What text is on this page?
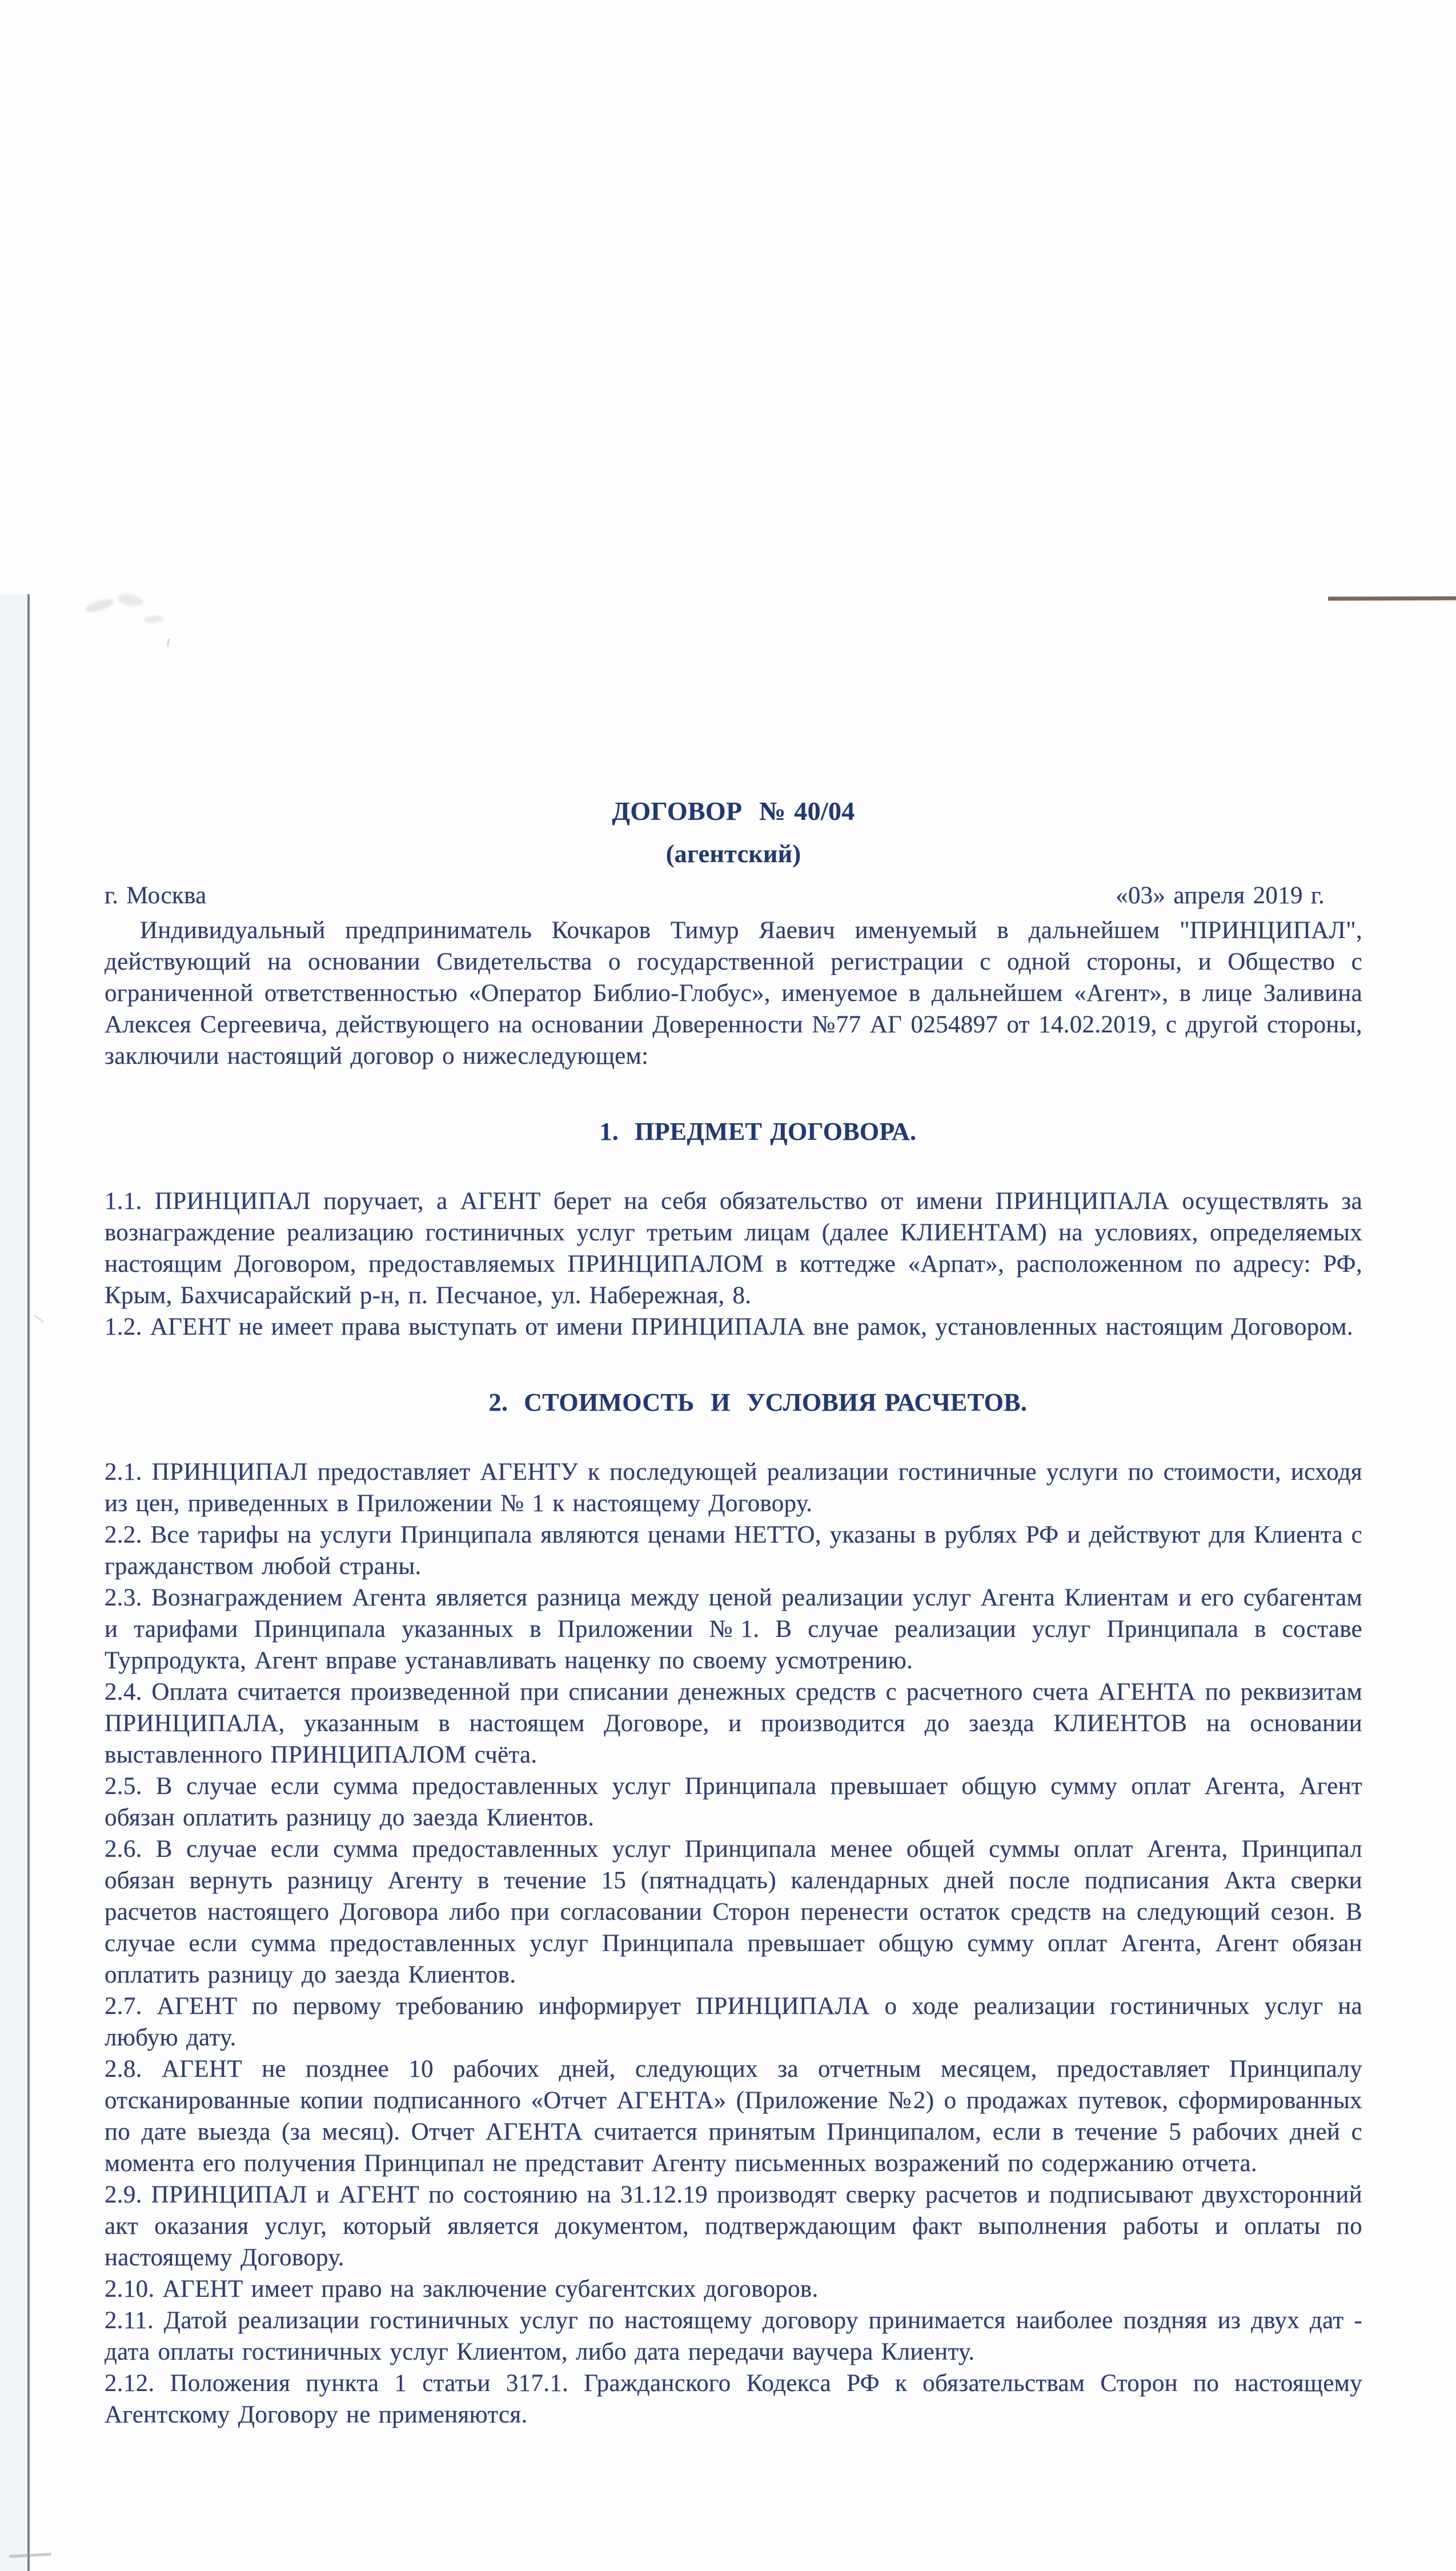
ДОГОВОР  № 40/04
(агентский)
г. Москва	«03» апреля 2019 г.

Индивидуальный предприниматель Кочкаров Тимур Яаевич именуемый в дальнейшем "ПРИНЦИПАЛ", действующий на основании Свидетельства о государственной регистрации с одной стороны, и Общество с ограниченной ответственностью «Оператор Библио-Глобус», именуемое в дальнейшем «Агент», в лице Заливина Алексея Сергеевича, действующего на основании Доверенности №77 АГ 0254897 от 14.02.2019, с другой стороны, заключили настоящий договор о нижеследующем:

1. ПРЕДМЕТ ДОГОВОРА.

1.1. ПРИНЦИПАЛ поручает, а АГЕНТ берет на себя обязательство от имени ПРИНЦИПАЛА осуществлять за вознаграждение реализацию гостиничных услуг третьим лицам (далее КЛИЕНТАМ) на условиях, определяемых настоящим Договором, предоставляемых ПРИНЦИПАЛОМ в коттедже «Арпат», расположенном по адресу: РФ, Крым, Бахчисарайский р-н, п. Песчаное, ул. Набережная, 8.

1.2. АГЕНТ не имеет права выступать от имени ПРИНЦИПАЛА вне рамок, установленных настоящим Договором.

2. СТОИМОСТЬ  И  УСЛОВИЯ РАСЧЕТОВ.

2.1. ПРИНЦИПАЛ предоставляет АГЕНТУ к последующей реализации гостиничные услуги по стоимости, исходя из цен, приведенных в Приложении № 1 к настоящему Договору.

2.2. Все тарифы на услуги Принципала являются ценами НЕТТО, указаны в рублях РФ и действуют для Клиента с гражданством любой страны.

2.3. Вознаграждением Агента является разница между ценой реализации услуг Агента Клиентам и его субагентам и тарифами Принципала указанных в Приложении №1. В случае реализации услуг Принципала в составе Турпродукта, Агент вправе устанавливать наценку по своему усмотрению.

2.4. Оплата считается произведенной при списании денежных средств с расчетного счета АГЕНТА по реквизитам ПРИНЦИПАЛА, указанным в настоящем Договоре, и производится до заезда КЛИЕНТОВ на основании выставленного ПРИНЦИПАЛОМ счёта.

2.5. В случае если сумма предоставленных услуг Принципала превышает общую сумму оплат Агента, Агент обязан оплатить разницу до заезда Клиентов.

2.6. В случае если сумма предоставленных услуг Принципала менее общей суммы оплат Агента, Принципал обязан вернуть разницу Агенту в течение 15 (пятнадцать) календарных дней после подписания Акта сверки расчетов настоящего Договора либо при согласовании Сторон перенести остаток средств на следующий сезон. В случае если сумма предоставленных услуг Принципала превышает общую сумму оплат Агента, Агент обязан оплатить разницу до заезда Клиентов.

2.7. АГЕНТ по первому требованию информирует ПРИНЦИПАЛА о ходе реализации гостиничных услуг на любую дату.

2.8. АГЕНТ не позднее 10 рабочих дней, следующих за отчетным месяцем, предоставляет Принципалу отсканированные копии подписанного «Отчет АГЕНТА» (Приложение №2) о продажах путевок, сформированных по дате выезда (за месяц). Отчет АГЕНТА считается принятым Принципалом, если в течение 5 рабочих дней с момента его получения Принципал не представит Агенту письменных возражений по содержанию отчета.

2.9. ПРИНЦИПАЛ и АГЕНТ по состоянию на 31.12.19 производят сверку расчетов и подписывают двухсторонний акт оказания услуг, который является документом, подтверждающим факт выполнения работы и оплаты по настоящему Договору.

2.10. АГЕНТ имеет право на заключение субагентских договоров.

2.11. Датой реализации гостиничных услуг по настоящему договору принимается наиболее поздняя из двух дат - дата оплаты гостиничных услуг Клиентом, либо дата передачи ваучера Клиенту.

2.12. Положения пункта 1 статьи 317.1. Гражданского Кодекса РФ к обязательствам Сторон по настоящему Агентскому Договору не применяются.
